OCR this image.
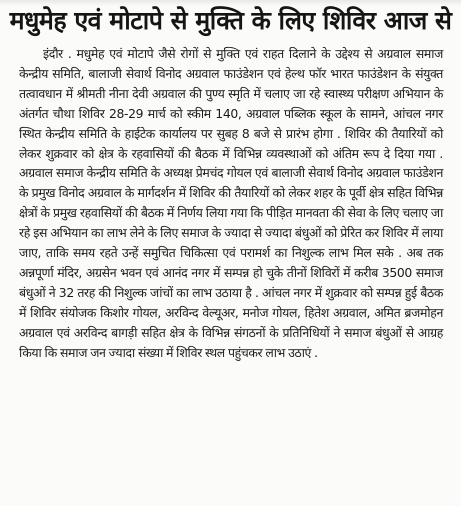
मधुमेह एवं मोटापे से मुक्ति के लिए शिविर आज से

इंदौर . मधुमेह एवं मोटापे जैसे रोगों से मुक्ति एवं राहत दिलाने के उद्देश्य से अग्रवाल समाज केन्द्रीय समिति, बालाजी सेवार्थ विनोद अग्रवाल फाउंडेशन एवं हेल्थ फॉर भारत फाउंडेशन के संयुक्त तत्वावधान में श्रीमती नीना देवी अग्रवाल की पुण्य स्मृति में चलाए जा रहे स्वास्थ्य परीक्षण अभियान के अंतर्गत चौथा शिविर 28-29 मार्च को स्कीम 140, अग्रवाल पब्लिक स्कूल के सामने, आंचल नगर स्थित केन्द्रीय समिति के हाईटेक कार्यालय पर सुबह 8 बजे से प्रारंभ होगा . शिविर की तैयारियों को लेकर शुक्रवार को क्षेत्र के रहवासियों की बैठक में विभिन्न व्यवस्थाओं को अंतिम रूप दे दिया गया . अग्रवाल समाज केन्द्रीय समिति के अध्यक्ष प्रेमचंद गोयल एवं बालाजी सेवार्थ विनोद अग्रवाल फाउंडेशन के प्रमुख विनोद अग्रवाल के मार्गदर्शन में शिविर की तैयारियों को लेकर शहर के पूर्वी क्षेत्र सहित विभिन्न क्षेत्रों के प्रमुख रहवासियों की बैठक में निर्णय लिया गया कि पीड़ित मानवता की सेवा के लिए चलाए जा रहे इस अभियान का लाभ लेने के लिए समाज के ज्यादा से ज्यादा बंधुओं को प्रेरित कर शिविर में लाया जाए, ताकि समय रहते उन्हें समुचित चिकित्सा एवं परामर्श का निशुल्क लाभ मिल सके . अब तक अन्नपूर्णा मंदिर, अग्रसेन भवन एवं आनंद नगर में सम्पन्न हो चुके तीनों शिविरों में करीब 3500 समाज बंधुओं ने 32 तरह की निशुल्क जांचों का लाभ उठाया है . आंचल नगर में शुक्रवार को सम्पन्न हुई बैठक में शिविर संयोजक किशोर गोयल, अरविन्द वेल्यूअर, मनोज गोयल, हितेश अग्रवाल, अमित ब्रजमोहन अग्रवाल एवं अरविन्द बागड़ी सहित क्षेत्र के विभिन्न संगठनों के प्रतिनिधियों ने समाज बंधुओं से आग्रह किया कि समाज जन ज्यादा संख्या में शिविर स्थल पहुंचकर लाभ उठाएं .
